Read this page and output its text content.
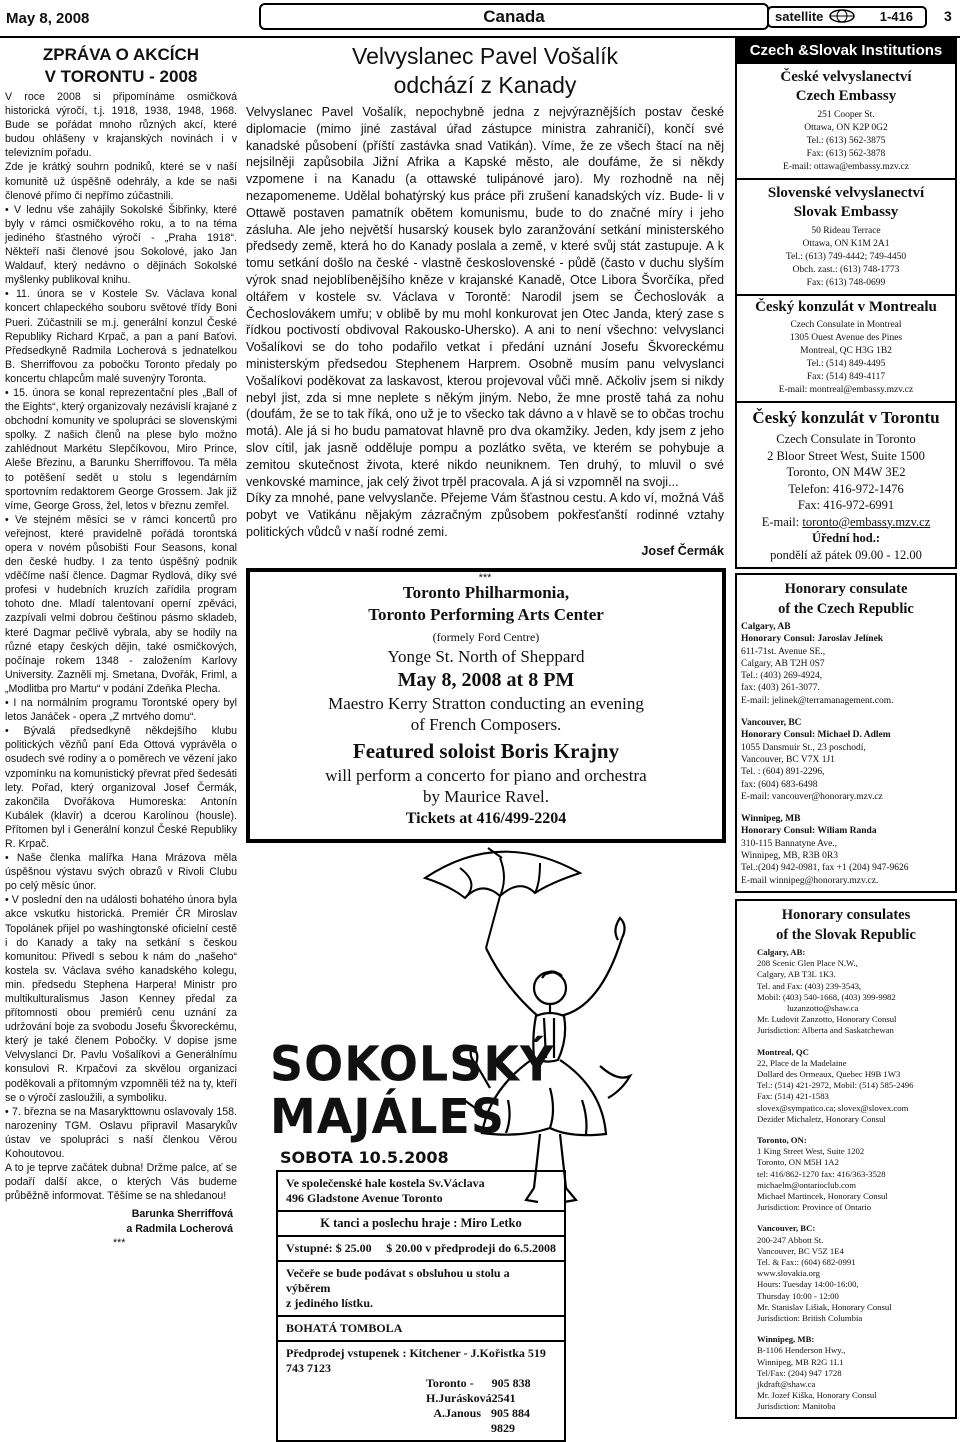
May 8, 2008	Canada	satellite	1-416 3
ZPRÁVA O AKCÍCH
V TORONTU - 2008

V roce 2008 si připomínáme osmičková historická výročí, t.j. 1918, 1938, 1948, 1968. Bude se pořádat mnoho různých akcí, které budou ohlášeny v krajanských novinách i v televizním pořadu.

Zde je krátký souhrn podniků, které se v naší komunitě už úspěšně odehrály, a kde se naši členové přímo či nepřímo zúčastnili.

• V lednu vše zahájily Sokolské Šibřinky, které byly v rámci osmičkového roku, a to na téma jediného šťastného výročí - „Praha 1918“. Někteří naši členové jsou Sokolové, jako Jan Waldauf, který nedávno o dějinách Sokolské myšlenky publikoval knihu.

• 11. února se v Kostele Sv. Václava konal koncert chlapeckého souboru světové třídy Boni Pueri. Zúčastnili se m.j. generální konzul České Republiky Richard Krpač, a pan a paní Baťovi. Předsedkyně Radmila Locherová s jednatelkou B. Sherriffovou za pobočku Toronto předaly po koncertu chlapcům malé suvenýry Toronta.

• 15. února se konal reprezentační ples „Ball of the Eights“, který organizovaly nezávislí krajané z obchodní komunity ve spolupráci se slovenskými spolky. Z našich členů na plese bylo možno zahlédnout Markétu Slepčíkovou, Miro Prince, Aleše Březinu, a Barunku Sherriffovou. Ta měla to potěšení sedět u stolu s legendárním sportovním redaktorem George Grossem. Jak již víme, George Gross, žel, letos v březnu zemřel.

• Ve stejném měsíci se v rámci koncertů pro veřejnost, které pravidelně pořádá torontská opera v novém působišti Four Seasons, konal den české hudby. I za tento úspěšný podnik vděčíme naší člence. Dagmar Rydlová, díky své profesi v hudebních kruzích zařídila program tohoto dne. Mladí talentovaní operní zpěváci, zazpívali velmi dobrou češtinou pásmo skladeb, které Dagmar pečlivě vybrala, aby se hodily na různé etapy českých dějin, také osmičkových, počínaje rokem 1348 - založením Karlovy University. Zazněli mj. Smetana, Dvořák, Friml, a „Modlitba pro Martu“ v podání Zdeňka Plecha.

• I na normálním programu Torontské opery byl letos Janáček - opera „Z mrtvého domu“.

• Bývalá předsedkyně někdejšího klubu politických vězňů paní Eda Ottová vyprávěla o osudech své rodiny a o poměrech ve vězení jako vzpomínku na komunistický převrat před šedesáti lety. Pořad, který organizoval Josef Čermák, zakončila Dvořákova Humoreska: Antonín Kubálek (klavír) a dcerou Karolínou (housle). Přítomen byl i Generální konzul České Republiky R. Krpač.

• Naše členka malířka Hana Mrázova měla úspěšnou výstavu svých obrazů v Rivoli Clubu po celý měsíc únor.

• V poslední den na události bohatého února byla akce vskutku historická. Premiér ČR Miroslav Topolánek přijel po washingtonské oficielní cestě i do Kanady a taky na setkání s českou komunitou: Přivedl s sebou k nám do „našeho“ kostela sv. Václava svého kanadského kolegu, min. předsedu Stephena Harpera! Ministr pro multikulturalismus Jason Kenney předal za přítomnosti obou premiérů cenu uznání za udržování boje za svobodu Josefu Škvoreckému, který je také členem Pobočky. V dopise jsme Velvyslanci Dr. Pavlu Vošalíkovi a Generálnímu konsulovi R. Krpačovi za skvělou organizaci poděkovali a přítomným vzpomněli též na ty, kteří se o výročí zasloužili, a symboliku.

• 7. března se na Masarykttownu oslavovaly 158. narozeniny TGM. Oslavu připravil Masarykův ústav ve spolupráci s naší členkou Věrou Kohoutovou.

A to je teprve začátek dubna! Držme palce, ať se podaří další akce, o kterých Vás budeme průběžně informovat. Těšíme se na shledanou!

Barunka Sherriffová

a Radmila Locherová

***

Velvyslanec Pavel Vošalík
odchází z Kanady

Velvyslanec Pavel Vošalík, nepochybně jedna z nejvýraznějších postav české diplomacie (mimo jiné zastával úřad zástupce ministra zahraničí), končí své kanadské působení (příští zastávka snad Vatikán). Víme, že ze všech štací na něj nejsilněji zapůsobila Jižní Afrika a Kapské město, ale doufáme, že si někdy vzpomene i na Kanadu (a ottawské tulipánové jaro). My rozhodně na něj nezapomeneme. Udělal bohatýrský kus práce při zrušení kanadských víz. Bude- li v Ottawě postaven pamatník obětem komunismu, bude to do značné míry i jeho zásluha. Ale jeho největší husarský kousek bylo zaranžování setkání ministerského předsedy země, která ho do Kanady poslala a země, v které svůj stát zastupuje. A k tomu setkání došlo na české - vlastně československé - půdě (často v duchu slyším výrok snad nejoblíbenějšího kněze v krajanské Kanadě, Otce Libora Švorčíka, před oltářem v kostele sv. Václava v Torontě: Narodil jsem se Čechoslovák a Čechoslovákem umřu; v oblibě by mu mohl konkurovat jen Otec Janda, který zase s řídkou poctivostí obdivoval Rakousko-Uhersko). A ani to není všechno: velvyslanci Vošalíkovi se do toho podařilo vetkat i předání uznání Josefu Škvoreckému ministerským předsedou Stephenem Harprem. Osobně musím panu velvyslanci Vošalíkovi poděkovat za laskavost, kterou projevoval vůči mně. Ačkoliv jsem si nikdy nebyl jist, zda si mne neplete s někým jiným. Nebo, že mne prostě tahá za nohu (doufám, že se to tak říká, ono už je to všecko tak dávno a v hlavě se to občas trochu motá). Ale já si ho budu pamatovat hlavně pro dva okamžiky. Jeden, kdy jsem z jeho slov cítil, jak jasně odděluje pompu a pozlátko světa, ve kterém se pohybuje a zemitou skutečnost života, které nikdo neuniknem. Ten druhý, to mluvil o své venkovské mamince, jak celý život trpěl pracovala. A já si vzpomněl na svoji...

Díky za mnohé, pane velvyslanče. Přejeme Vám šťastnou cestu. A kdo ví, možná Váš pobyt ve Vatikánu nějakým zázračným způsobem pokřesťanští rodinné vztahy politických vůdců v naší rodné zemi.

Josef Čermák

***
Toronto Philharmonia,
Toronto Performing Arts Center
(formely Ford Centre)
Yonge St. North of Sheppard
May 8, 2008 at 8 PM
Maestro Kerry Stratton conducting an evening
of French Composers.
Featured soloist Boris Krajny
will perform a concerto for piano and orchestra
by Maurice Ravel.
Tickets at 416/499-2204
SOKOLSKÝ
MAJÁLES
SOBOTA 10.5.2008
Ve společenské hale kostela Sv.Václava
496 Gladstone Avenue Toronto
K tanci a poslechu hraje : Miro Letko
Vstupné: $ 25.00 $ 20.00 v předprodeji do 6.5.2008
Večeře se bude podávat s obsluhou u stolu a výběrem
z jediného lístku.
BOHATÁ TOMBOLA
Předprodej vstupenek : Kitchener - J.Kořistka 519 743 7123
Toronto - H.Jurásková
905 838 2541
A.Janous 905 884 9829
Czech &Slovak Institutions
České velvyslanectví
Czech Embassy
251 Cooper St.
Ottawa, ON K2P 0G2
Tel.: (613) 562-3875
Fax: (613) 562-3878
E-mail: ottawa@embassy.mzv.cz
Slovenské velvyslanectví
Slovak Embassy
50 Rideau Terrace
Ottawa, ON K1M 2A1
Tel.: (613) 749-4442; 749-4450
Obch. zast.: (613) 748-1773
Fax: (613) 748-0699
Český konzulát v Montrealu
Czech Consulate in Montreal
1305 Ouest Avenue des Pines
Montreal, QC H3G 1B2
Tel.: (514) 849-4495
Fax: (514) 849-4117
E-mail: montreal@embassy.mzv.cz
Český konzulát v Torontu
Czech Consulate in Toronto
2 Bloor Street West, Suite 1500
Toronto, ON M4W 3E2
Telefon: 416-972-1476
Fax: 416-972-6991
E-mail: toronto@embassy.mzv.cz
Úřední hod.:
pondělí až pátek 09.00 - 12.00
Honorary consulate
of the Czech Republic
Calgary, AB
Honorary Consul: Jaroslav Jelínek
611-71st. Avenue SE.,
Calgary, AB T2H 0S7
Tel.: (403) 269-4924,
fax: (403) 261-3077.
E-mail: jelinek@terramanagement.com.
Vancouver, BC
Honorary Consul: Michael D. Adlem
1055 Dansmuir St., 23 poschodí,
Vancouver, BC V7X 1J1
Tel. : (604) 891-2296,
fax: (604) 683-6498
E-mail: vancouver@honorary.mzv.cz
Winnipeg, MB
Honorary Consul: Wiliam Randa
310-115 Bannatyne Ave.,
Winnipeg, MB, R3B 0R3
Tel.:(204) 942-0981, fax +1 (204) 947-9626
E-mail winnipeg@honorary.mzv.cz.
Honorary consulates
of the Slovak Republic
Calgary, AB:
208 Scenic Glen Place N.W.,
Calgary, AB T3L 1K3.
Tel. and Fax: (403) 239-3543,
Mobil: (403) 540-1668, (403) 399-9982
luzanzotto@shaw.ca
Mr. Ludovit Zanzotto, Honorary Consul
Jurisdiction: Alberta and Saskatchewan
Montreal, QC
22, Place de la Madelaine
Dollard des Ormeaux, Quebec H9B 1W3
Tel.: (514) 421-2972, Mobil: (514) 585-2496
Fax: (514) 421-1583
slovex@sympatico.ca; slovex@slovex.com
Dezider Michaletz, Honorary Consul
Toronto, ON:
1 King Street West, Suite 1202
Toronto, ON M5H 1A2
tel: 416/862-1270 fax: 416/363-3528
michaelm@ontarioclub.com
Michael Martincek, Honorary Consul
Jurisdiction: Province of Ontario
Vancouver, BC:
200-247 Abbott St.
Vancouver, BC V5Z 1E4
Tel. & Fax:: (604) 682-0991
www.slovakia.org
Hours: Tuesday 14:00-16:00,
Thursday 10:00 - 12:00
Mr. Stanislav Lišiak, Honorary Consul
Jurisdiction: British Columbia
Winnipeg, MB:
B-1106 Henderson Hwy.,
Winnipeg, MB R2G 1L1
Tel/Fax: (204) 947 1728
jkdraft@shaw.ca
Mr. Jozef Kiška, Honorary Consul
Jurisdiction: Manitoba
